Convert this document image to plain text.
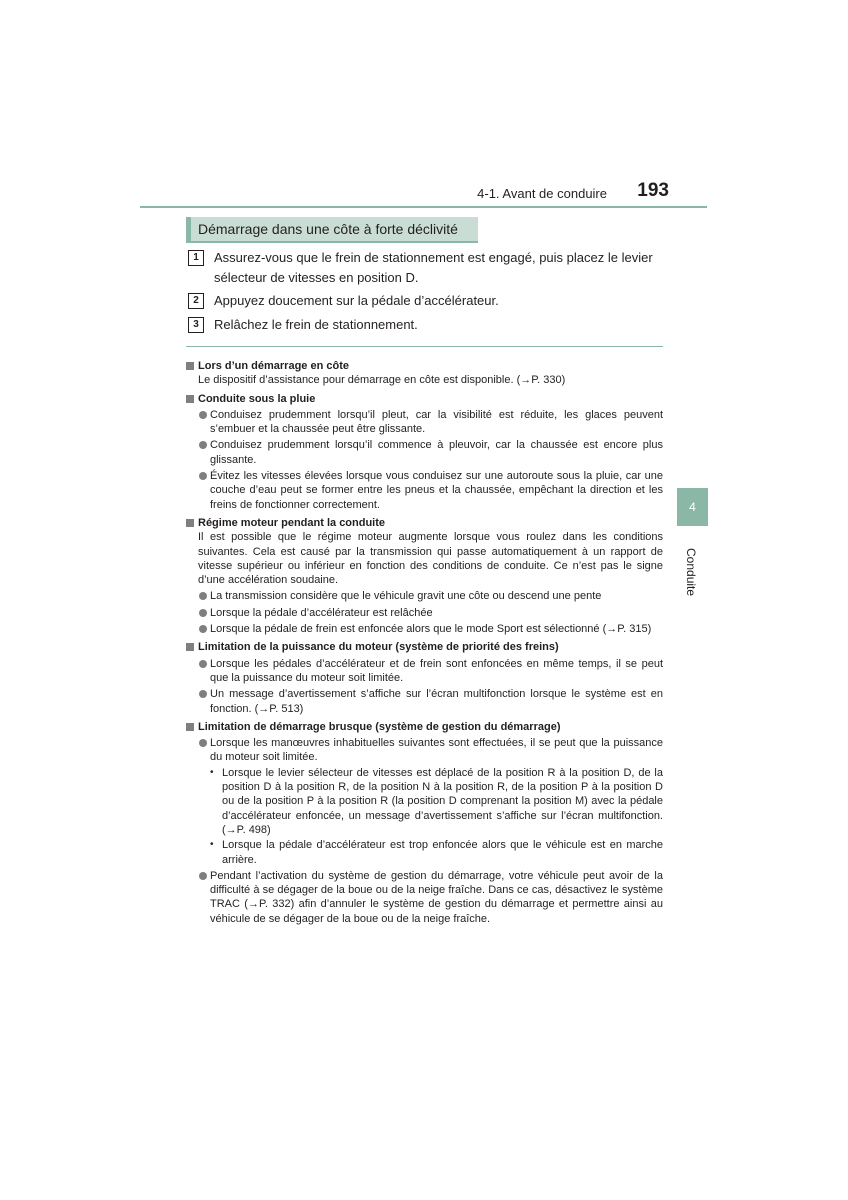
4-1. Avant de conduire 193
Démarrage dans une côte à forte déclivité
1	Assurez-vous que le frein de stationnement est engagé, puis placez le levier sélecteur de vitesses en position D.
2	Appuyez doucement sur la pédale d’accélérateur.
3	Relâchez le frein de stationnement.
Lors d’un démarrage en côte
Le dispositif d’assistance pour démarrage en côte est disponible. (→P. 330)
Conduite sous la pluie
Conduisez prudemment lorsqu’il pleut, car la visibilité est réduite, les glaces peuvent s’embuer et la chaussée peut être glissante.
Conduisez prudemment lorsqu’il commence à pleuvoir, car la chaussée est encore plus glissante.
Évitez les vitesses élevées lorsque vous conduisez sur une autoroute sous la pluie, car une couche d’eau peut se former entre les pneus et la chaussée, empêchant la direction et les freins de fonctionner correctement.
Régime moteur pendant la conduite
Il est possible que le régime moteur augmente lorsque vous roulez dans les conditions suivantes. Cela est causé par la transmission qui passe automatiquement à un rapport de vitesse supérieur ou inférieur en fonction des conditions de conduite. Ce n’est pas le signe d’une accélération soudaine.
La transmission considère que le véhicule gravit une côte ou descend une pente
Lorsque la pédale d’accélérateur est relâchée
Lorsque la pédale de frein est enfoncée alors que le mode Sport est sélectionné (→P. 315)
Limitation de la puissance du moteur (système de priorité des freins)
Lorsque les pédales d’accélérateur et de frein sont enfoncées en même temps, il se peut que la puissance du moteur soit limitée.
Un message d’avertissement s’affiche sur l’écran multifonction lorsque le système est en fonction. (→P. 513)
Limitation de démarrage brusque (système de gestion du démarrage)
Lorsque les manœuvres inhabituelles suivantes sont effectuées, il se peut que la puissance du moteur soit limitée.
• Lorsque le levier sélecteur de vitesses est déplacé de la position R à la position D, de la position D à la position R, de la position N à la position R, de la position P à la position D ou de la position P à la position R (la position D comprenant la position M) avec la pédale d’accélérateur enfoncée, un message d’avertissement s’affiche sur l’écran multifonction. (→P. 498)
• Lorsque la pédale d’accélérateur est trop enfoncée alors que le véhicule est en marche arrière.
Pendant l’activation du système de gestion du démarrage, votre véhicule peut avoir de la difficulté à se dégager de la boue ou de la neige fraîche. Dans ce cas, désactivez le système TRAC (→P. 332) afin d’annuler le système de gestion du démarrage et permettre ainsi au véhicule de se dégager de la boue ou de la neige fraîche.
4
Conduite
